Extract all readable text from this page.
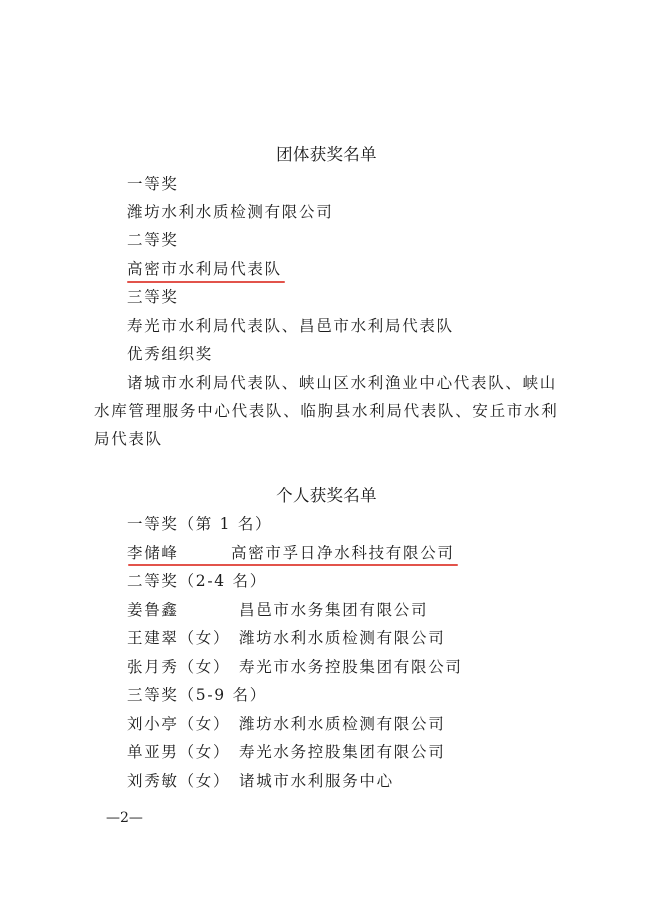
团体获奖名单
一等奖
潍坊水利水质检测有限公司
二等奖
高密市水利局代表队
三等奖
寿光市水利局代表队、昌邑市水利局代表队
优秀组织奖
诸城市水利局代表队、峡山区水利渔业中心代表队、峡山
水库管理服务中心代表队、临朐县水利局代表队、安丘市水利
局代表队
个人获奖名单
一等奖（第 1 名）
李储峰	高密市孚日净水科技有限公司
二等奖（2-4 名）
姜鲁鑫	昌邑市水务集团有限公司
王建翠（女） 潍坊水利水质检测有限公司
张月秀（女） 寿光市水务控股集团有限公司
三等奖（5-9 名）
刘小亭（女） 潍坊水利水质检测有限公司
单亚男（女） 寿光水务控股集团有限公司
刘秀敏（女） 诸城市水利服务中心
—2—
